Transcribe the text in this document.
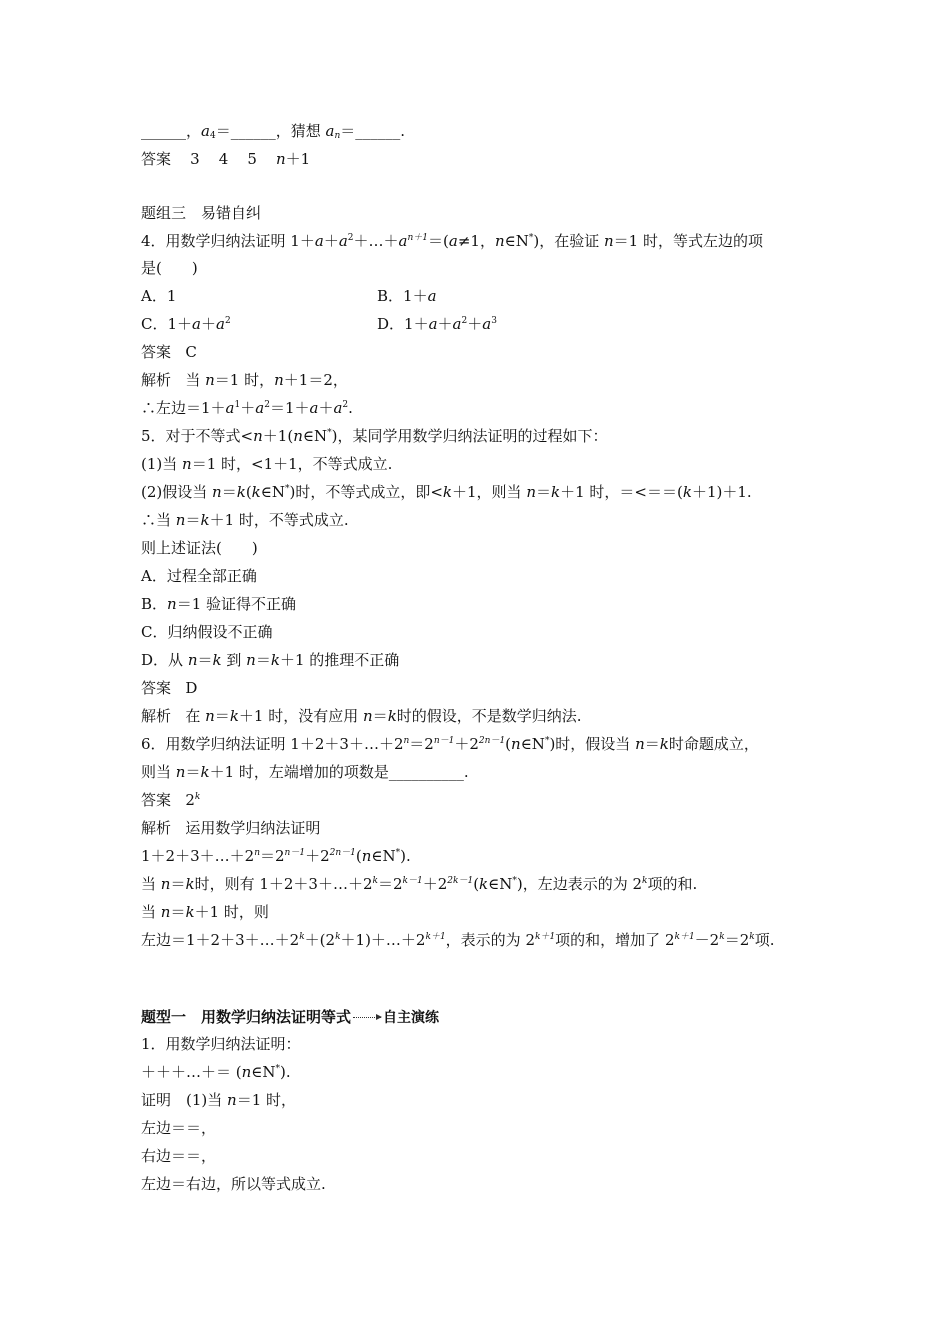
______，$a_4=\_\_\_\_\_\_$，猜想 $a_n=\_\_\_\_\_\_$.
答案 3 4 5 n＋1
题组三　易错自纠
4．用数学归纳法证明 $1+a+a^2+\dots+a^{n+1}=(a\ne 1$，n∈N*)，在验证 n＝1 时，等式左边的项
是(　　)
A．1	B．1＋a
C．$1+a+a^2$	D．$1+a+a^2+a^3$
答案 C
解析 当 n＝1 时，n＋1＝2，
∴左边$=1+a^1+a^2=1+a+a^2$.
5．对于不等式<n＋1(n∈N*)，某同学用数学归纳法证明的过程如下：
(1)当 n＝1 时，<1＋1，不等式成立.
(2)假设当 n＝k(k∈N*)时，不等式成立，即<k＋1，则当 n＝k＋1 时，＝<＝＝(k＋1)＋1.
∴当 n＝k＋1 时，不等式成立.
则上述证法(　　)
A．过程全部正确
B．n＝1 验证得不正确
C．归纳假设不正确
D．从 n＝k 到 n＝k＋1 的推理不正确
答案 D
解析 在 n＝k＋1 时，没有应用 n＝k时的假设，不是数学归纳法.
6．用数学归纳法证明 $1+2+3+\dots+2^n=2^{n-1}+2^{2n-1}(n\in N^*)$时，假设当 n＝k时命题成立，
则当 n＝k＋1 时，左端增加的项数是__________.
答案 2$^k$
解析 运用数学归纳法证明
$1+2+3+\dots+2^n=2^{n-1}+2^{2n-1}(n\in N^*)$.
当 n＝k时，则有 $1+2+3+\dots+2^k=2^{k-1}+2^{2k-1}(k\in N^*)$，左边表示的为 2$^k$项的和.
当 n＝k＋1 时，则
左边$=1+2+3+\dots+2^k+(2^k+1)+\dots+2^{k+1}$，表示的为 $2^{k+1}$项的和，增加了 $2^{k+1}-2^k=2^k$项.
题型一　用数学归纳法证明等式 自主演练
1．用数学归纳法证明：
＋＋＋…＋＝ (n∈N*).
证明　(1)当 n＝1 时，
左边＝＝，
右边＝＝，
左边＝右边，所以等式成立.
